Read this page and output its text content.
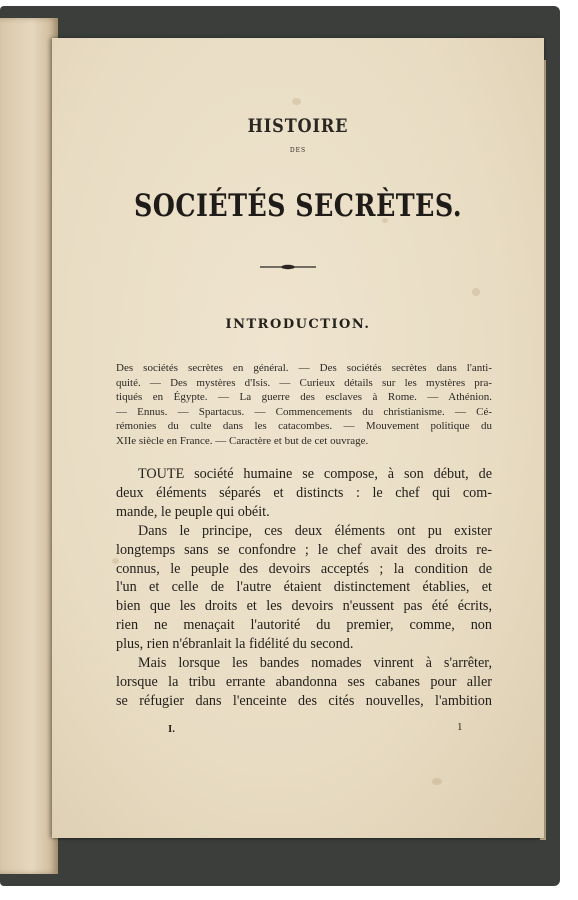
HISTOIRE
DES
SOCIÉTÉS SECRÈTES.
INTRODUCTION.
Des sociétés secrètes en général. — Des sociétés secrètes dans l'anti-
quité. — Des mystères d'Isis. — Curieux détails sur les mystères pra-
tiqués en Égypte. — La guerre des esclaves à Rome. — Athénion.
— Ennus. — Spartacus. — Commencements du christianisme. — Cé-
rémonies du culte dans les catacombes. — Mouvement politique du
XIIe siècle en France. — Caractère et but de cet ouvrage.
TOUTE société humaine se compose, à son début, de
deux éléments séparés et distincts : le chef qui com-
mande, le peuple qui obéit.
Dans le principe, ces deux éléments ont pu exister
longtemps sans se confondre ; le chef avait des droits re-
connus, le peuple des devoirs acceptés ; la condition de
l'un et celle de l'autre étaient distinctement établies, et
bien que les droits et les devoirs n'eussent pas été écrits,
rien ne menaçait l'autorité du premier, comme, non
plus, rien n'ébranlait la fidélité du second.
Mais lorsque les bandes nomades vinrent à s'arrêter,
lorsque la tribu errante abandonna ses cabanes pour aller
se réfugier dans l'enceinte des cités nouvelles, l'ambition
I.	1
